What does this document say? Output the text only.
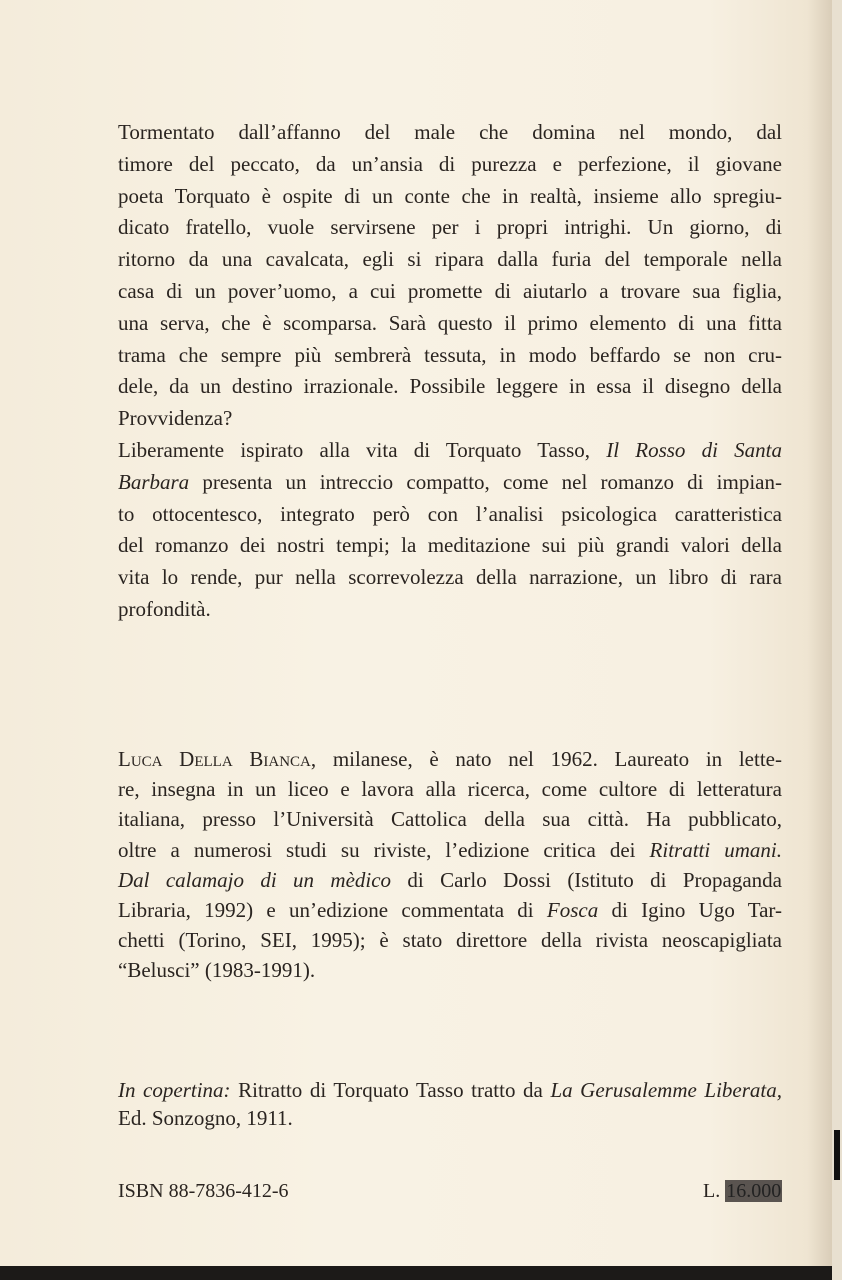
Tormentato dall’affanno del male che domina nel mondo, dal
timore del peccato, da un’ansia di purezza e perfezione, il giovane
poeta Torquato è ospite di un conte che in realtà, insieme allo spregiu-
dicato fratello, vuole servirsene per i propri intrighi. Un giorno, di
ritorno da una cavalcata, egli si ripara dalla furia del temporale nella
casa di un pover’uomo, a cui promette di aiutarlo a trovare sua figlia,
una serva, che è scomparsa. Sarà questo il primo elemento di una fitta
trama che sempre più sembrerà tessuta, in modo beffardo se non cru-
dele, da un destino irrazionale. Possibile leggere in essa il disegno della
Provvidenza?
Liberamente ispirato alla vita di Torquato Tasso, Il Rosso di Santa
Barbara presenta un intreccio compatto, come nel romanzo di impian-
to ottocentesco, integrato però con l’analisi psicologica caratteristica
del romanzo dei nostri tempi; la meditazione sui più grandi valori della
vita lo rende, pur nella scorrevolezza della narrazione, un libro di rara
profondità.
Luca Della Bianca, milanese, è nato nel 1962. Laureato in lette-
re, insegna in un liceo e lavora alla ricerca, come cultore di letteratura
italiana, presso l’Università Cattolica della sua città. Ha pubblicato,
oltre a numerosi studi su riviste, l’edizione critica dei Ritratti umani.
Dal calamajo di un mèdico di Carlo Dossi (Istituto di Propaganda
Libraria, 1992) e un’edizione commentata di Fosca di Igino Ugo Tar-
chetti (Torino, SEI, 1995); è stato direttore della rivista neoscapigliata
“Belusci” (1983-1991).
In copertina: Ritratto di Torquato Tasso tratto da La Gerusalemme Liberata,
Ed. Sonzogno, 1911.
ISBN 88-7836-412-6	L. 16.000
